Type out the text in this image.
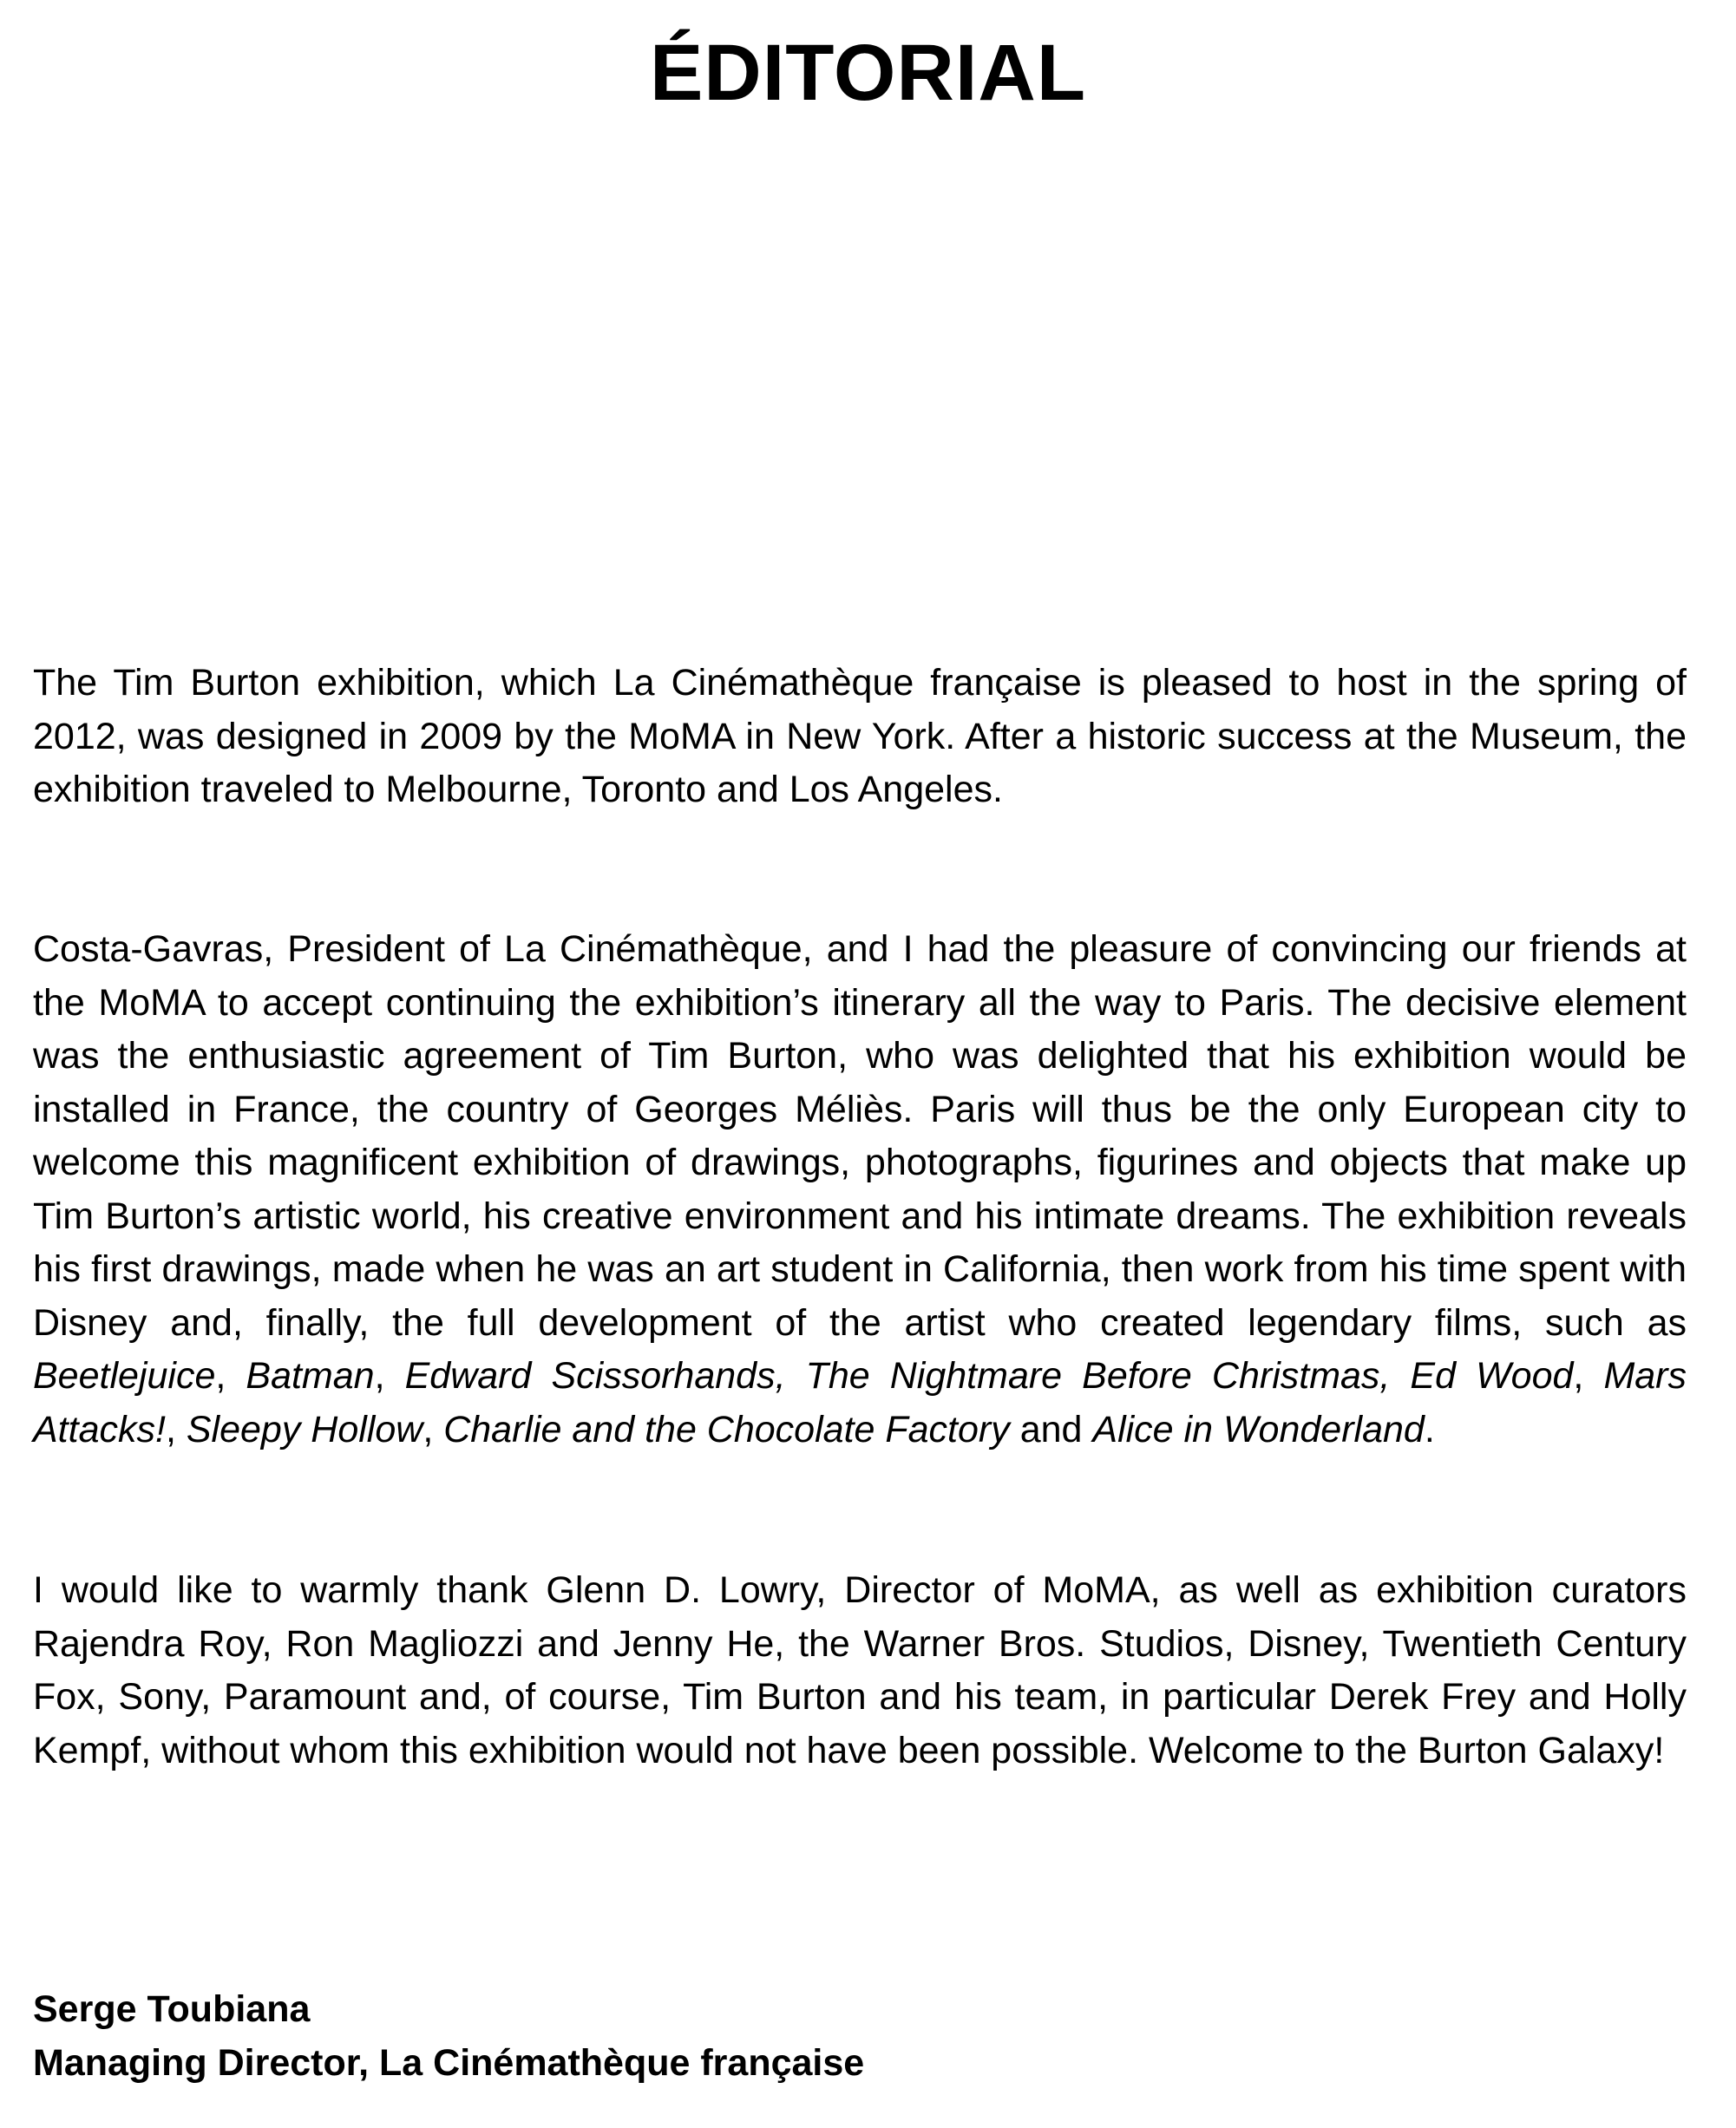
ÉDITORIAL

The Tim Burton exhibition, which La Cinémathèque française is pleased to host in the spring of 2012, was designed in 2009 by the MoMA in New York. After a historic success at the Museum, the exhibition traveled to Melbourne, Toronto and Los Angeles.

Costa-Gavras, President of La Cinémathèque, and I had the pleasure of convincing our friends at the MoMA to accept continuing the exhibition’s itinerary all the way to Paris. The decisive element was the enthusiastic agreement of Tim Burton, who was delighted that his exhibition would be installed in France, the country of Georges Méliès. Paris will thus be the only European city to welcome this magnificent exhibition of drawings, photographs, figurines and objects that make up Tim Burton’s artistic world, his creative environment and his intimate dreams. The exhibition reveals his first drawings, made when he was an art student in California, then work from his time spent with Disney and, finally, the full development of the artist who created legendary films, such as Beetlejuice, Batman, Edward Scissorhands, The Nightmare Before Christmas, Ed Wood, Mars Attacks!, Sleepy Hollow, Charlie and the Chocolate Factory and Alice in Wonderland.

I would like to warmly thank Glenn D. Lowry, Director of MoMA, as well as exhibition curators Rajendra Roy, Ron Magliozzi and Jenny He, the Warner Bros. Studios, Disney, Twentieth Century Fox, Sony, Paramount and, of course, Tim Burton and his team, in particular Derek Frey and Holly Kempf, without whom this exhibition would not have been possible. Welcome to the Burton Galaxy!

Serge Toubiana
Managing Director, La Cinémathèque française
